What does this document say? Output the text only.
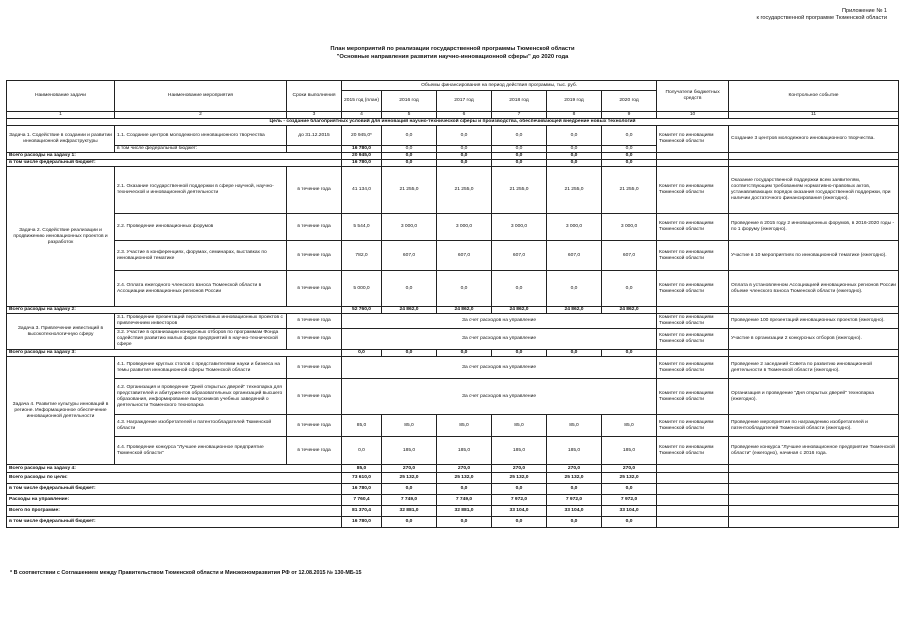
Приложение № 1
к государственной программе Тюменской области
План мероприятий по реализации государственной программы Тюменской области
"Основные направления развития научно-инновационной сферы" до 2020 года
Наименование задачи	Наименование мероприятия	Сроки выполнения	Объемы финансирования на период действия программы, тыс. руб.						Получатели бюджетных средств	Контрольное событие
			2015 год (план)	2016 год	2017 год	2018 год	2019 год	2020 год		
1	2	3	4	5	6	7	8	9	10	11
Цель - создание благоприятных условий для инноваций научно-технической сферы и производства, обеспечивающей внедрение новых технологий										
Задача 1. Содействие в создании и развитии инновационной инфраструктуры	1.1. Создание центров молодежного инновационного творчества	до 31.12.2015	20 945,0*	0,0	0,0	0,0	0,0	0,0	Комитет по инновациям Тюменской области	Создание 3 центров молодежного инновационного творчества.
	в том числе федеральный бюджет:		16 780,0	0,0	0,0	0,0	0,0	0,0		
Всего расходы на задачу 1:			20 945,0	0,0	0,0	0,0	0,0	0,0		
в том числе федеральный бюджет:			16 780,0	0,0	0,0	0,0	0,0	0,0		
Задача 2. Содействие реализации и продвижению инновационных проектов и разработок	2.1. Оказание государственной поддержки в сфере научной, научно-технической и инновационной деятельности	в течение года	41 134,0	21 255,0	21 255,0	21 255,0	21 255,0	21 255,0	Комитет по инновациям Тюменской области	Оказание государственной поддержки всем заявителям, соответствующим требованиям нормативно-правовых актов, устанавливающих порядок оказания государственной поддержки, при наличии достаточного финансирования (ежегодно).
	2.2. Проведение инновационных форумов	в течение года	5 544,0	3 000,0	3 000,0	3 000,0	3 000,0	3 000,0	Комитет по инновациям Тюменской области	Проведение в 2015 году 2 инновационных форумов, в 2016-2020 годы - по 1 форуму (ежегодно).
	2.3. Участие в конференциях, форумах, семинарах, выставках по инновационной тематике	в течение года	782,0	607,0	607,0	607,0	607,0	607,0	Комитет по инновациям Тюменской области	Участие в 10 мероприятиях по инновационной тематике (ежегодно).
	2.4. Оплата ежегодного членского взноса Тюменской области в Ассоциации инновационных регионов России	в течение года	5 000,0	0,0	0,0	0,0	0,0	0,0	Комитет по инновациям Тюменской области	Оплата в установленном Ассоциацией инновационных регионов России объеме членского взноса Тюменской области (ежегодно).
Всего расходы на задачу 2:			52 760,0	24 862,0	24 862,0	24 862,0	24 862,0	24 862,0		
Задача 3. Привлечение инвестиций в высокотехнологичную сферу	3.1. Проведение презентаций перспективных инновационных проектов с привлечением инвесторов	в течение года	За счет расходов на управление						Комитет по инновациям Тюменской области	Проведение 100 презентаций инновационных проектов (ежегодно).
	3.2. Участие в организации конкурсных отборов по программам Фонда содействия развитию малых форм предприятий в научно-технической сфере	в течение года	За счет расходов на управление						Комитет по инновациям Тюменской области	Участие в организации 2 конкурсных отборов (ежегодно).
Всего расходы на задачу 3:			0,0	0,0	0,0	0,0	0,0	0,0		
Задача 4. Развитие культуры инноваций в регионе. Информационное обеспечение инновационной деятельности	4.1. Проведение круглых столов с представителями науки и бизнеса на темы развития инновационной сферы Тюменской области	в течение года	За счет расходов на управление						Комитет по инновациям Тюменской области	Проведение 2 заседаний Совета по развитию инновационной деятельности в Тюменской области (ежегодно).
	4.2. Организация и проведение "Дней открытых дверей" технопарка для представителей и абитуриентов образовательных организаций высшего образования, информирование выпускников учебных заведений о деятельности Тюменского технопарка	в течение года	За счет расходов на управление						Комитет по инновациям Тюменской области	Организация и проведение "Дня открытых дверей" технопарка (ежегодно).
	4.3. Награждение изобретателей и патентообладателей Тюменской области	в течение года	85,0	85,0	85,0	85,0	85,0	85,0	Комитет по инновациям Тюменской области	Проведение мероприятия по награждению изобретателей и патентообладателей Тюменской области (ежегодно).
	4.4. Проведение конкурса "Лучшее инновационное предприятие Тюменской области"	в течение года	0,0	185,0	185,0	185,0	185,0	185,0	Комитет по инновациям Тюменской области	Проведение конкурса "Лучшее инновационное предприятие Тюменской области" (ежегодно), начиная с 2016 года.
Всего расходы на задачу 4:			85,0	270,0	270,0	270,0	270,0	270,0		
Всего расходы по цели:			73 610,0	25 132,0	25 132,0	25 132,0	25 132,0	25 132,0		
в том числе федеральный бюджет:			16 780,0	0,0	0,0	0,0	0,0	0,0		
Расходы на управление:			7 760,4	7 749,0	7 749,0	7 972,0	7 972,0	7 972,0		
Всего по программе:			81 370,4	32 881,0	32 881,0	33 104,0	33 104,0	33 104,0		
в том числе федеральный бюджет:			16 780,0	0,0	0,0	0,0	0,0	0,0		
* В соответствии с Соглашением между Правительством Тюменской области и Минэкономразвития РФ от 12.08.2015 № 130-МБ-15
